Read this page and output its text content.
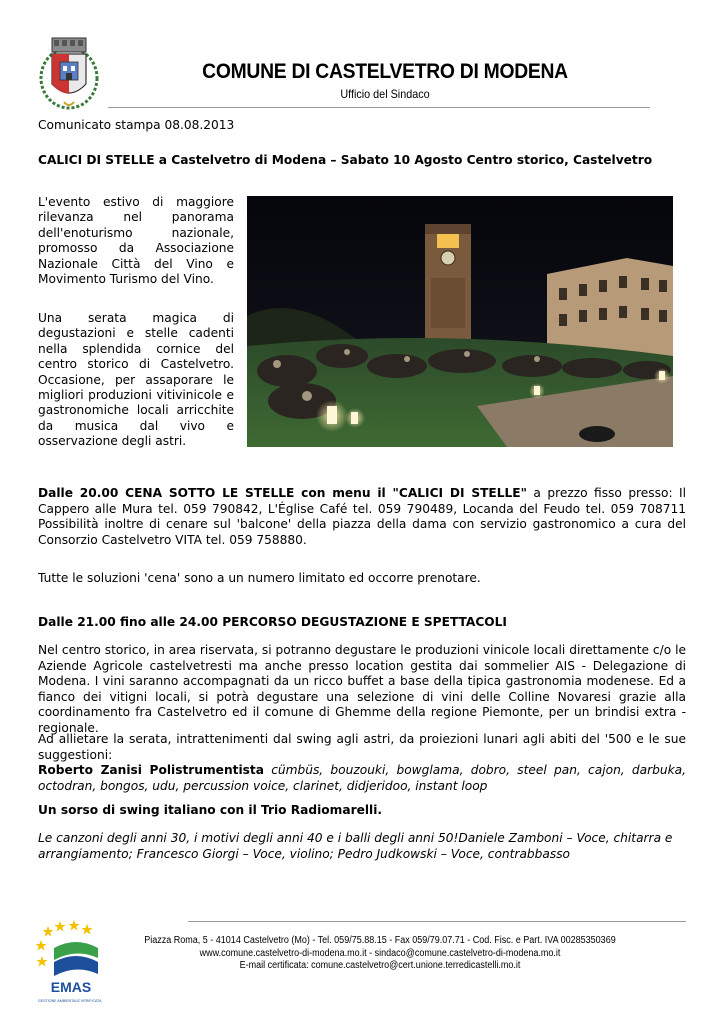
COMUNE DI CASTELVETRO DI MODENA
Ufficio del Sindaco
Comunicato stampa 08.08.2013
CALICI DI STELLE a Castelvetro di Modena – Sabato 10 Agosto Centro storico, Castelvetro
L'evento estivo di maggiore rilevanza nel panorama dell'enoturismo nazionale, promosso da Associazione Nazionale Città del Vino e Movimento Turismo del Vino.
Una serata magica di degustazioni e stelle cadenti nella splendida cornice del centro storico di Castelvetro. Occasione, per assaporare le migliori produzioni vitivinicole e gastronomiche locali arricchite da musica dal vivo e osservazione degli astri.
Dalle 20.00 CENA SOTTO LE STELLE con menu il "CALICI DI STELLE" a prezzo fisso presso: Il Cappero alle Mura tel. 059 790842, L'Église Café tel. 059 790489, Locanda del Feudo tel. 059 708711 Possibilità inoltre di cenare sul 'balcone' della piazza della dama con servizio gastronomico a cura del Consorzio Castelvetro VITA tel. 059 758880.
Tutte le soluzioni 'cena' sono a un numero limitato ed occorre prenotare.
Dalle 21.00 fino alle 24.00 PERCORSO DEGUSTAZIONE E SPETTACOLI
Nel centro storico, in area riservata, si potranno degustare le produzioni vinicole locali direttamente c/o le Aziende Agricole castelvetresti ma anche presso location gestita dai sommelier AIS - Delegazione di Modena. I vini saranno accompagnati da un ricco buffet a base della tipica gastronomia modenese. Ed a fianco dei vitigni locali, si potrà degustare una selezione di vini delle Colline Novaresi grazie alla coordinamento fra Castelvetro ed il comune di Ghemme della regione Piemonte, per un brindisi extra - regionale.
Ad allietare la serata, intrattenimenti dal swing agli astri, da proiezioni lunari agli abiti del '500 e le sue suggestioni:
Roberto Zanisi Polistrumentista cümbüs, bouzouki, bowglama, dobro, steel pan, cajon, darbuka, octodran, bongos, udu, percussion voice, clarinet, didjeridoo, instant loop
Un sorso di swing italiano con il Trio Radiomarelli.
Le canzoni degli anni 30, i motivi degli anni 40 e i balli degli anni 50!Daniele Zamboni – Voce, chitarra e arrangiamento; Francesco Giorgi – Voce, violino; Pedro Judkowski – Voce, contrabbasso
EMAS
GESTIONE AMBIENTALE VERIFICATA
Piazza Roma, 5 - 41014 Castelvetro (Mo) - Tel. 059/75.88.15 - Fax 059/79.07.71 - Cod. Fisc. e Part. IVA 00285350369
www.comune.castelvetro-di-modena.mo.it - sindaco@comune.castelvetro-di-modena.mo.it
E-mail certificata: comune.castelvetro@cert.unione.terredicastelli.mo.it
